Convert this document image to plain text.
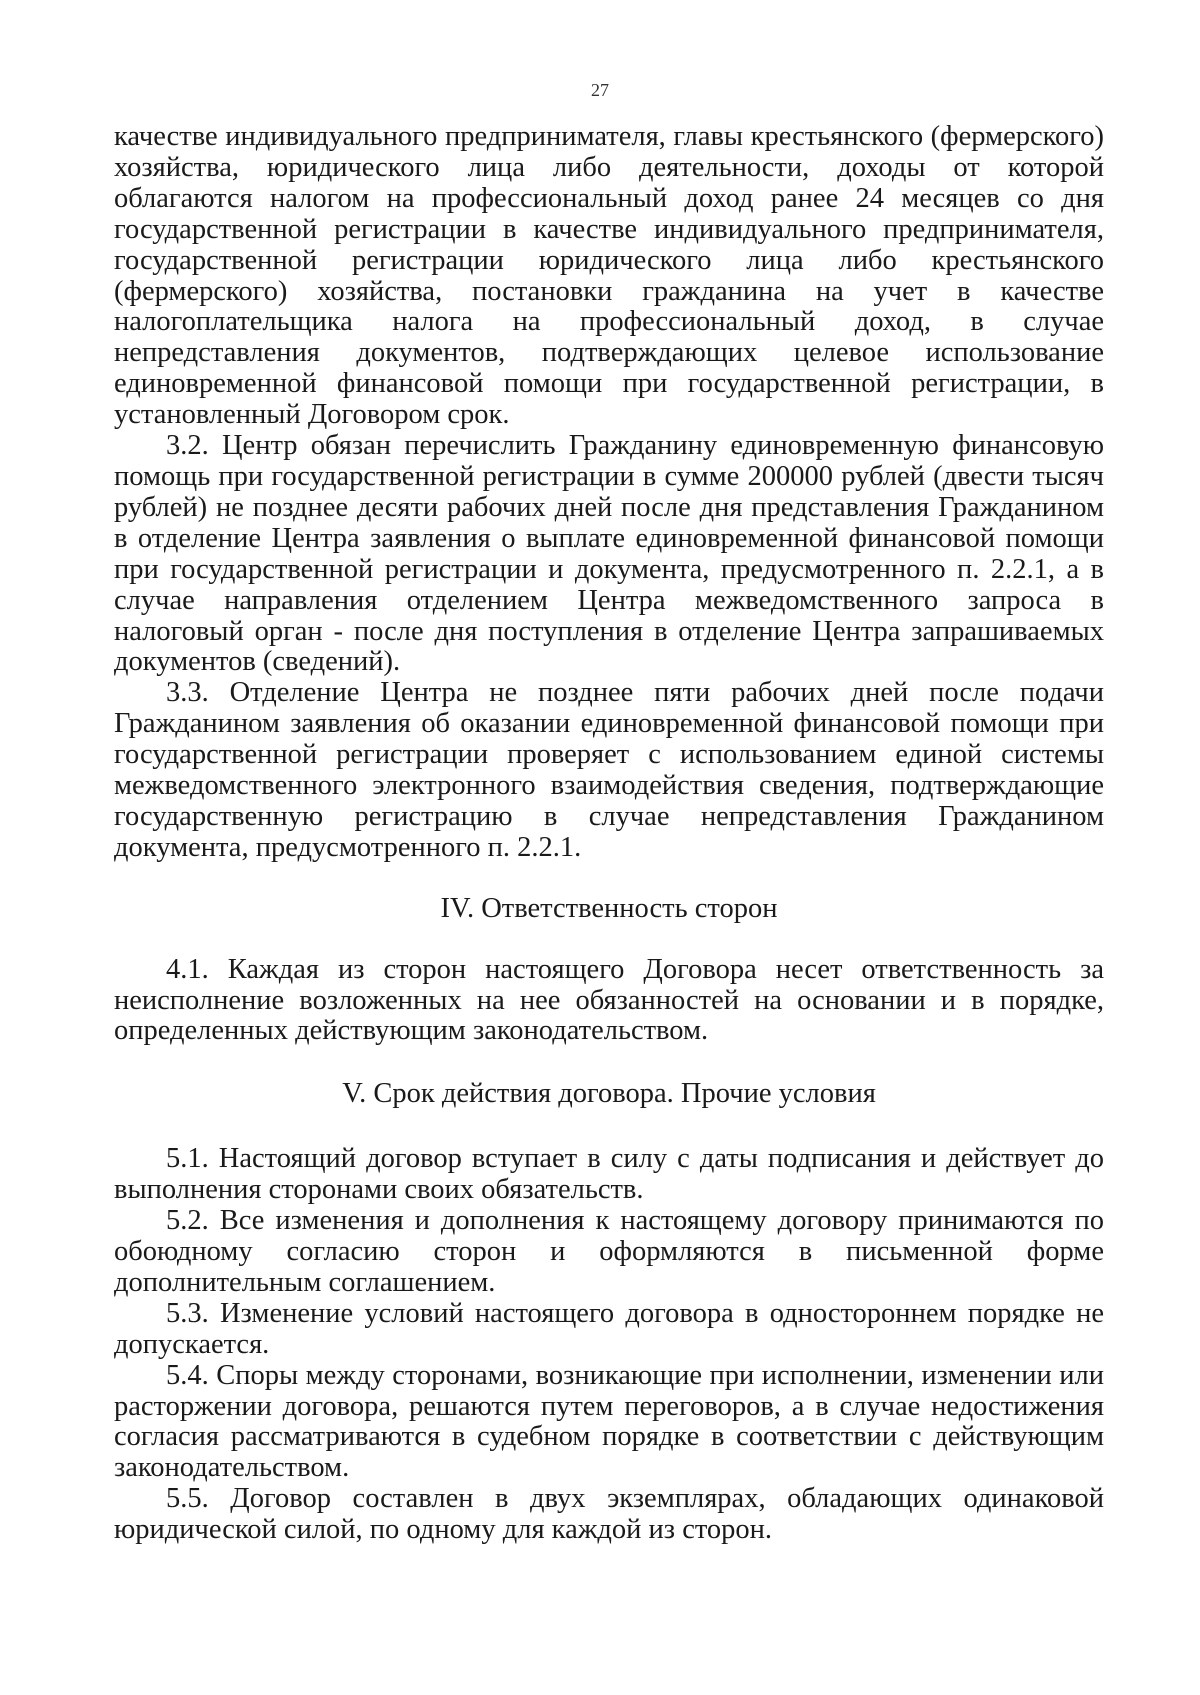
27

качестве индивидуального предпринимателя, главы крестьянского (фермерского) хозяйства, юридического лица либо деятельности, доходы от которой облагаются налогом на профессиональный доход ранее 24 месяцев со дня государственной регистрации в качестве индивидуального предпринимателя, государственной регистрации юридического лица либо крестьянского (фермерского) хозяйства, постановки гражданина на учет в качестве налогоплательщика налога на профессиональный доход, в случае непредставления документов, подтверждающих целевое использование единовременной финансовой помощи при государственной регистрации, в установленный Договором срок.

3.2. Центр обязан перечислить Гражданину единовременную финансовую помощь при государственной регистрации в сумме 200000 рублей (двести тысяч рублей) не позднее десяти рабочих дней после дня представления Гражданином в отделение Центра заявления о выплате единовременной финансовой помощи при государственной регистрации и документа, предусмотренного п. 2.2.1, а в случае направления отделением Центра межведомственного запроса в налоговый орган - после дня поступления в отделение Центра запрашиваемых документов (сведений).

3.3. Отделение Центра не позднее пяти рабочих дней после подачи Гражданином заявления об оказании единовременной финансовой помощи при государственной регистрации проверяет с использованием единой системы межведомственного электронного взаимодействия сведения, подтверждающие государственную регистрацию в случае непредставления Гражданином документа, предусмотренного п. 2.2.1.

IV. Ответственность сторон

4.1. Каждая из сторон настоящего Договора несет ответственность за неисполнение возложенных на нее обязанностей на основании и в порядке, определенных действующим законодательством.

V. Срок действия договора. Прочие условия

5.1. Настоящий договор вступает в силу с даты подписания и действует до выполнения сторонами своих обязательств.

5.2. Все изменения и дополнения к настоящему договору принимаются по обоюдному согласию сторон и оформляются в письменной форме дополнительным соглашением.

5.3. Изменение условий настоящего договора в одностороннем порядке не допускается.

5.4. Споры между сторонами, возникающие при исполнении, изменении или расторжении договора, решаются путем переговоров, а в случае недостижения согласия рассматриваются в судебном порядке в соответствии с действующим законодательством.

5.5. Договор составлен в двух экземплярах, обладающих одинаковой юридической силой, по одному для каждой из сторон.
